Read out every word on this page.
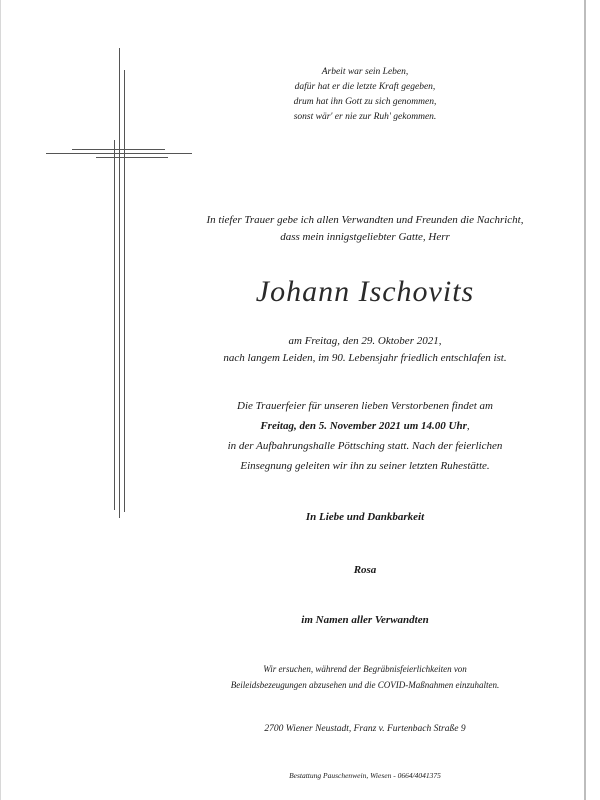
Arbeit war sein Leben,
dafür hat er die letzte Kraft gegeben,
drum hat ihn Gott zu sich genommen,
sonst wär' er nie zur Ruh' gekommen.
In tiefer Trauer gebe ich allen Verwandten und Freunden die Nachricht,
dass mein innigstgeliebter Gatte, Herr
Johann Ischovits
am Freitag, den 29. Oktober 2021,
nach langem Leiden, im 90. Lebensjahr friedlich entschlafen ist.
Die Trauerfeier für unseren lieben Verstorbenen findet am
Freitag, den 5. November 2021 um 14.00 Uhr,
in der Aufbahrungshalle Pöttsching statt. Nach der feierlichen
Einsegnung geleiten wir ihn zu seiner letzten Ruhestätte.
In Liebe und Dankbarkeit
Rosa
im Namen aller Verwandten
Wir ersuchen, während der Begräbnisfeierlichkeiten von
Beileidsbezeugungen abzusehen und die COVID-Maßnahmen einzuhalten.
2700 Wiener Neustadt, Franz v. Furtenbach Straße 9
Bestattung Pauschenwein, Wiesen - 0664/4041375
